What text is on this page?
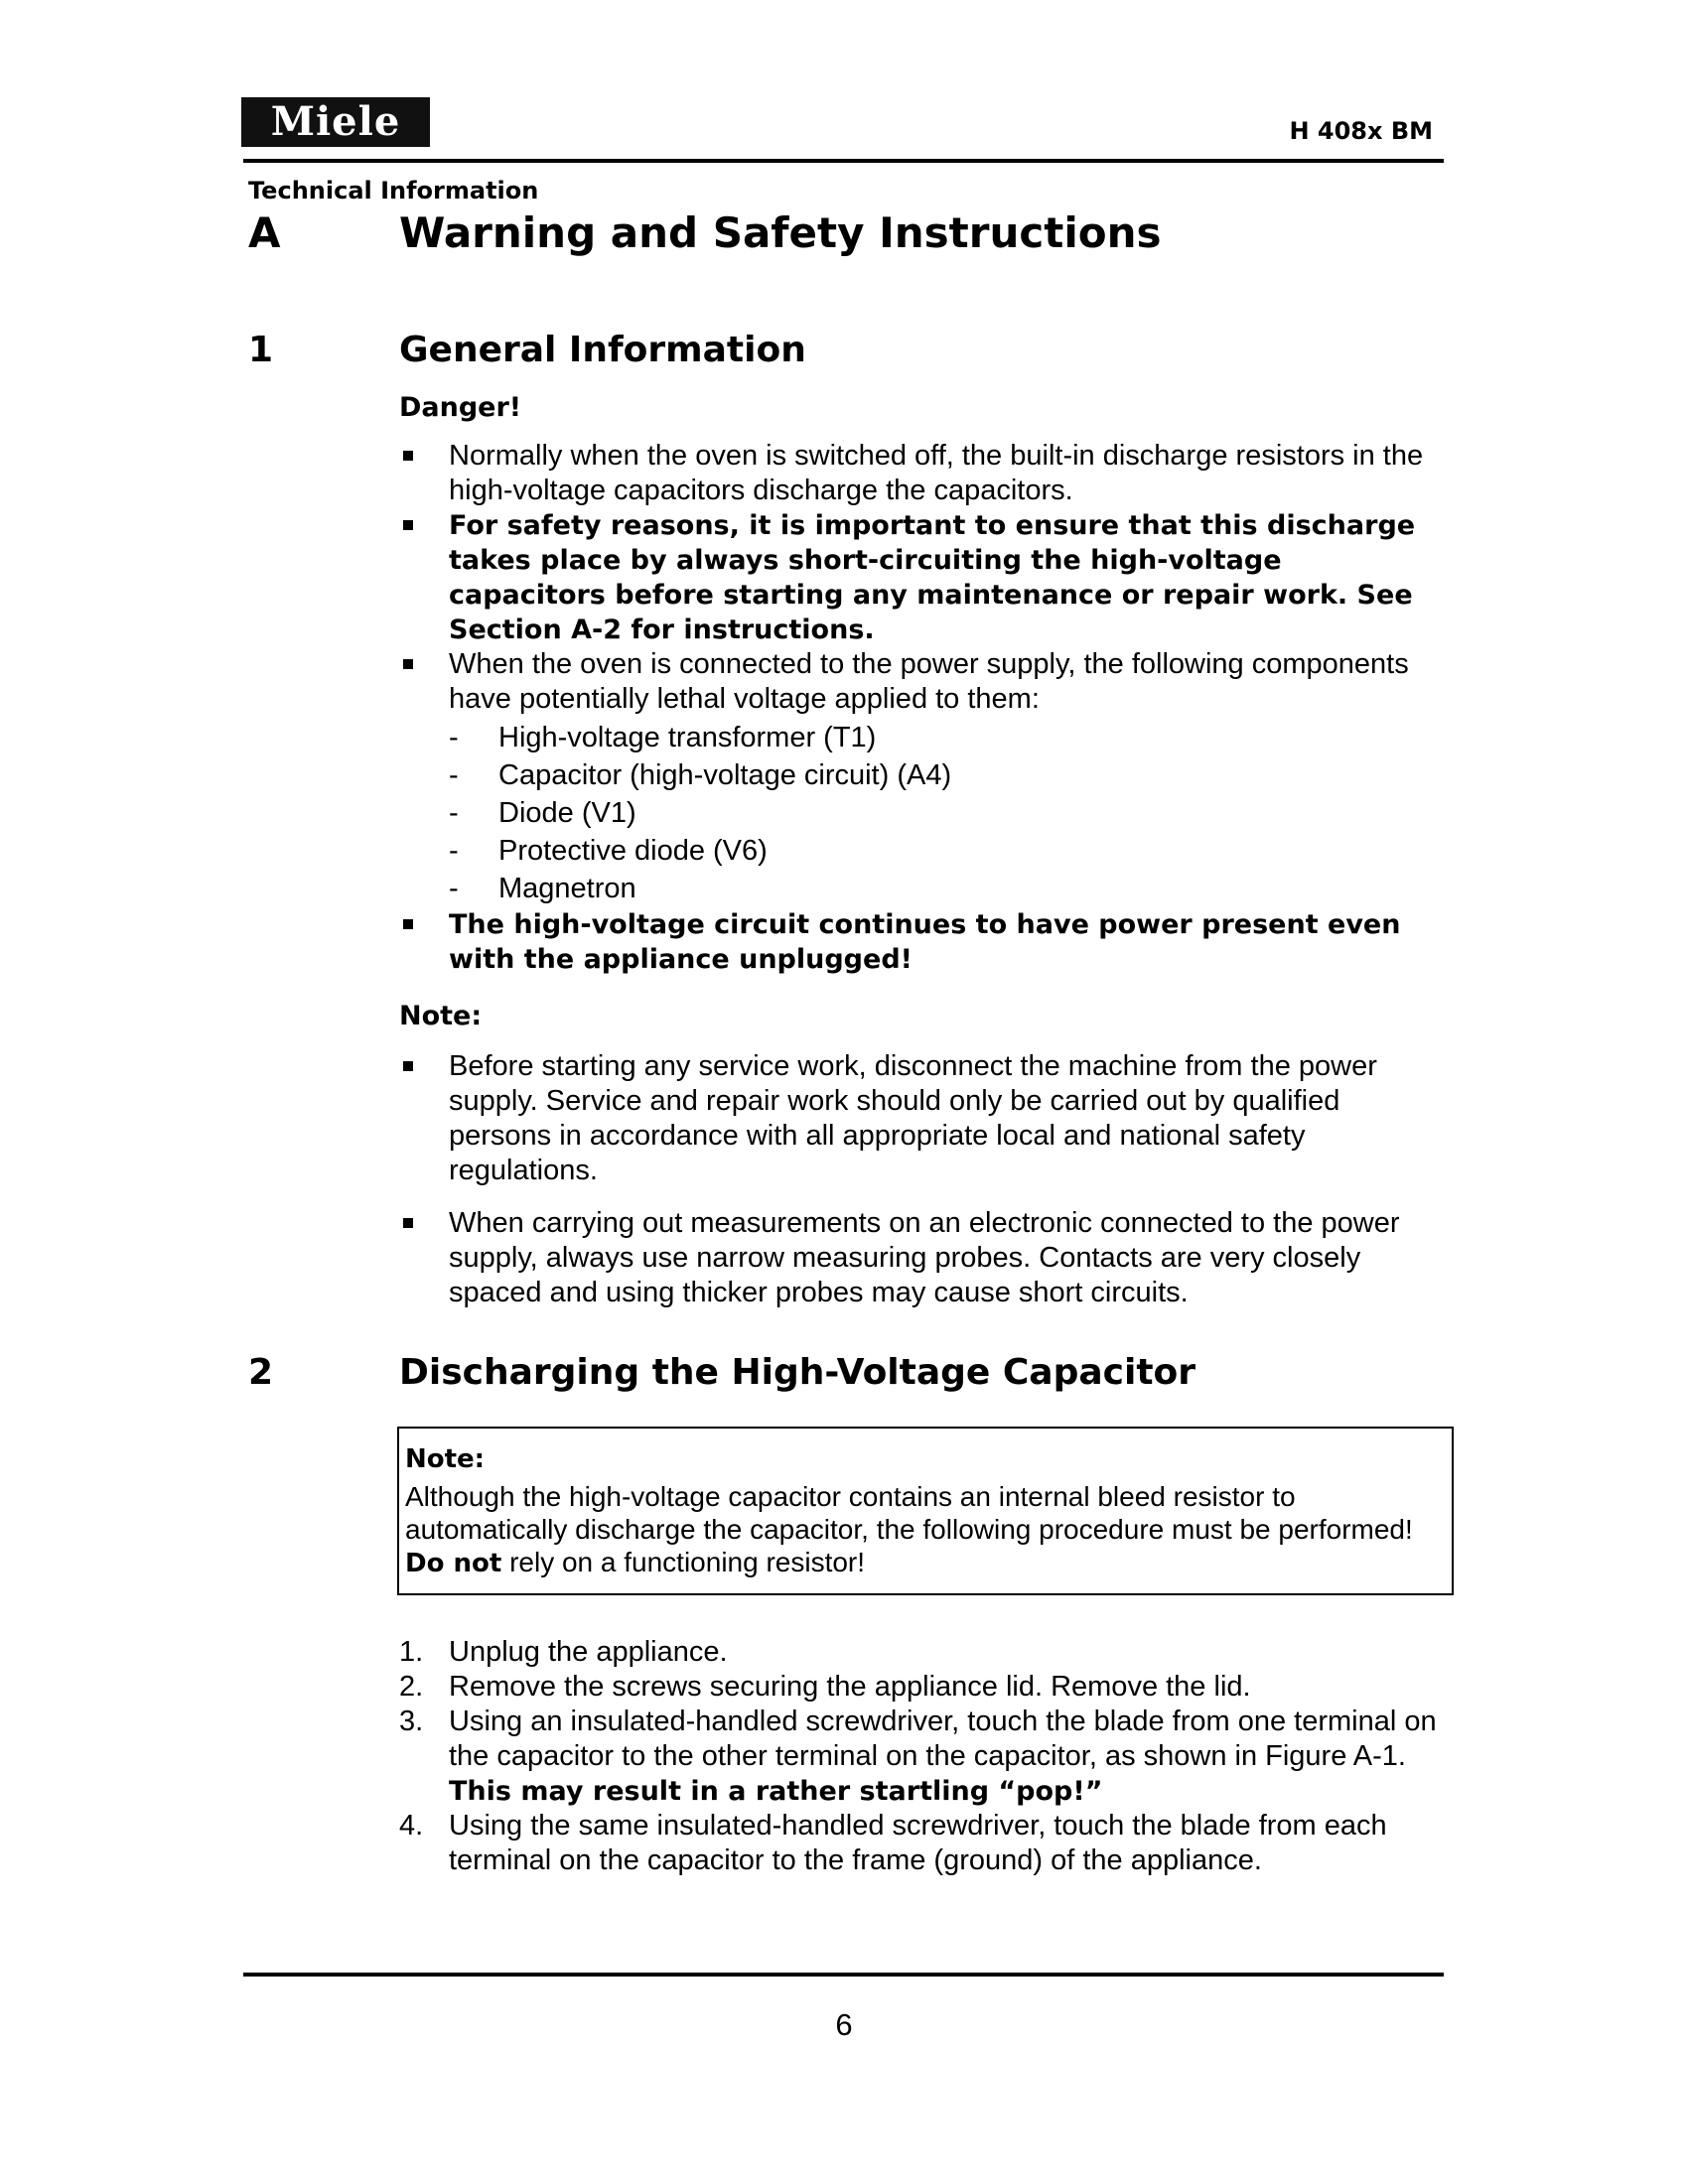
Miele	H 408x BM
Technical Information
A	Warning and Safety Instructions
1	General Information
Danger!
Normally when the oven is switched off, the built-in discharge resistors in the high-voltage capacitors discharge the capacitors.
For safety reasons, it is important to ensure that this discharge takes place by always short-circuiting the high-voltage capacitors before starting any maintenance or repair work. See Section A-2 for instructions.
When the oven is connected to the power supply, the following components have potentially lethal voltage applied to them:
- High-voltage transformer (T1)
- Capacitor (high-voltage circuit) (A4)
- Diode (V1)
- Protective diode (V6)
- Magnetron
The high-voltage circuit continues to have power present even with the appliance unplugged!
Note:
Before starting any service work, disconnect the machine from the power supply. Service and repair work should only be carried out by qualified persons in accordance with all appropriate local and national safety regulations.
When carrying out measurements on an electronic connected to the power supply, always use narrow measuring probes. Contacts are very closely spaced and using thicker probes may cause short circuits.
2	Discharging the High-Voltage Capacitor
Note:
Although the high-voltage capacitor contains an internal bleed resistor to automatically discharge the capacitor, the following procedure must be performed! Do not rely on a functioning resistor!
1. Unplug the appliance.
2. Remove the screws securing the appliance lid. Remove the lid.
3. Using an insulated-handled screwdriver, touch the blade from one terminal on the capacitor to the other terminal on the capacitor, as shown in Figure A-1. This may result in a rather startling “pop!”
4. Using the same insulated-handled screwdriver, touch the blade from each terminal on the capacitor to the frame (ground) of the appliance.
6
